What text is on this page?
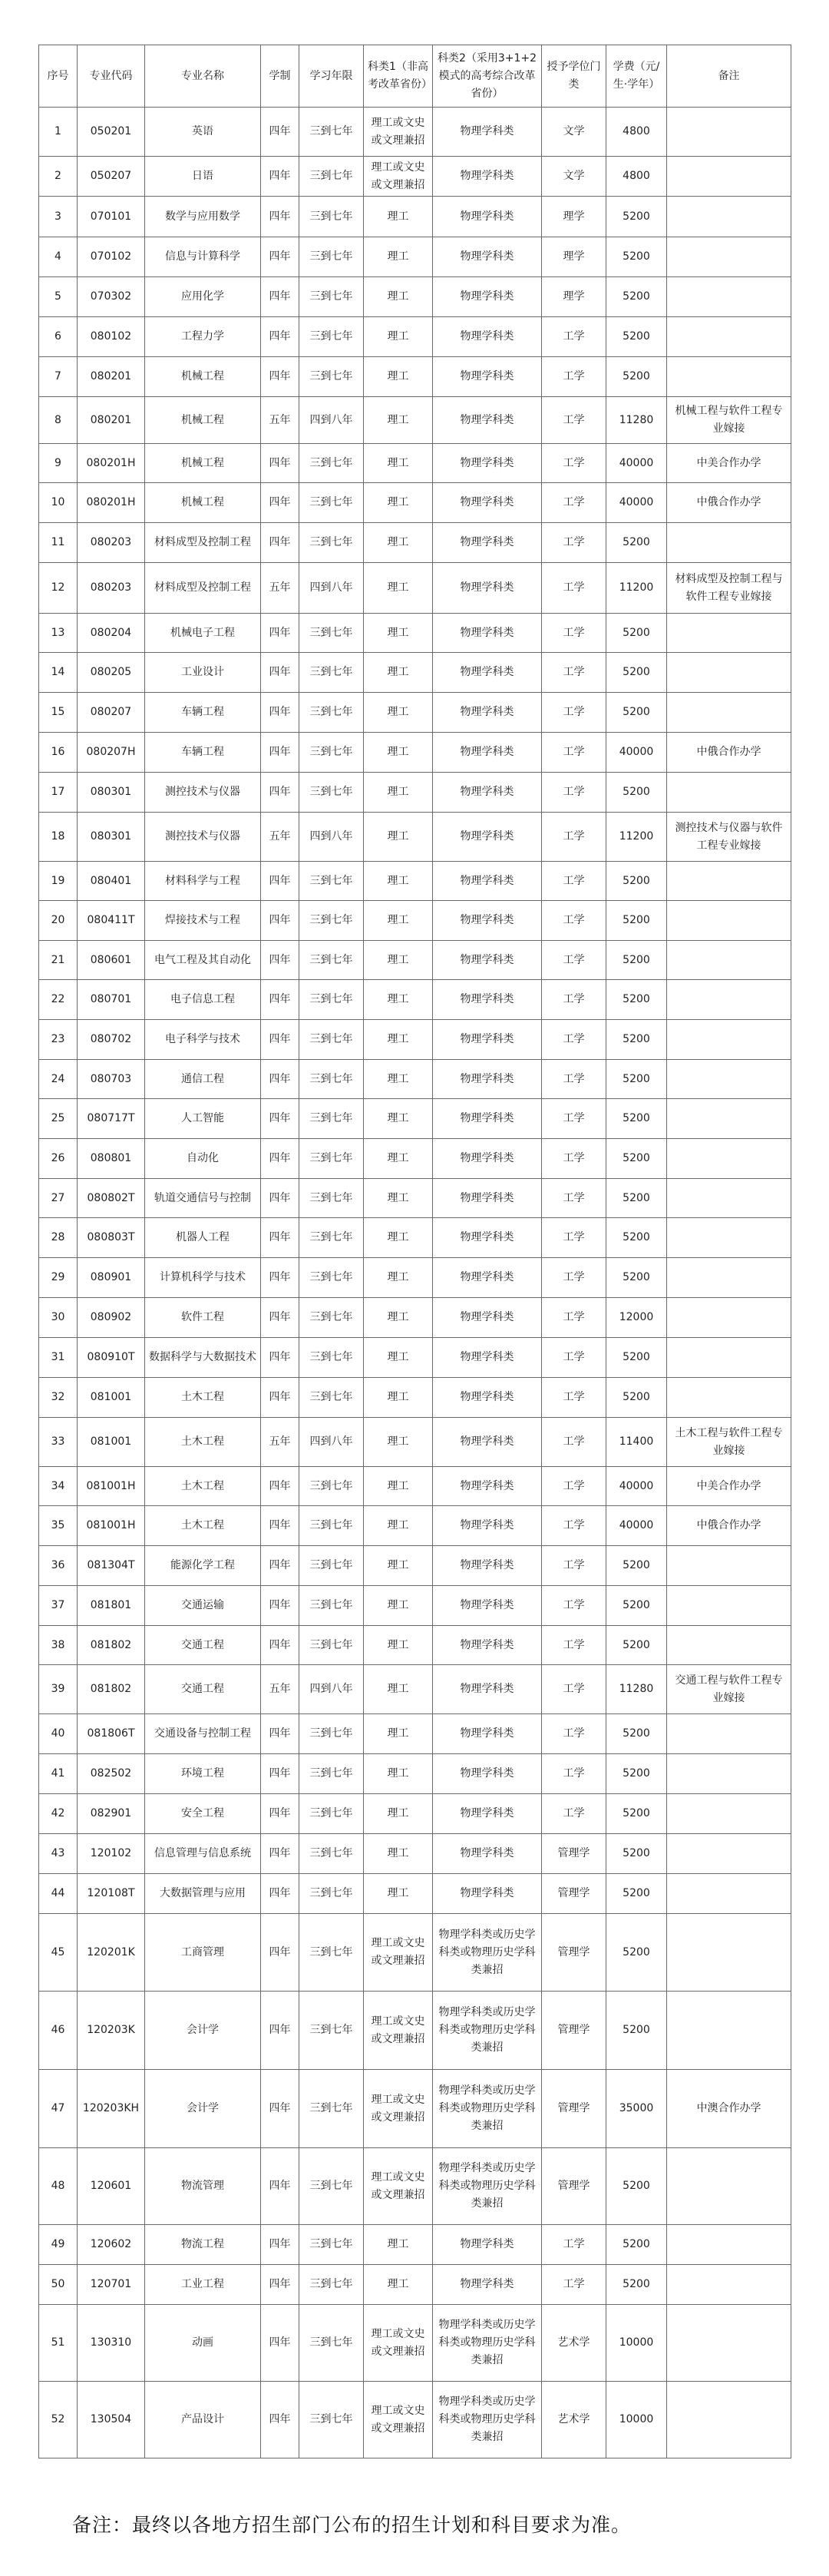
序号	专业代码	专业名称	学制	学习年限	科类1（非高考改革省份）	科类2（采用3+1+2模式的高考综合改革省份）	授予学位门类	学费（元/生·学年）	备注
1	050201	英语	四年	三到七年	理工或文史或文理兼招	物理学科类	文学	4800	
2	050207	日语	四年	三到七年	理工或文史或文理兼招	物理学科类	文学	4800	
3	070101	数学与应用数学	四年	三到七年	理工	物理学科类	理学	5200	
4	070102	信息与计算科学	四年	三到七年	理工	物理学科类	理学	5200	
5	070302	应用化学	四年	三到七年	理工	物理学科类	理学	5200	
6	080102	工程力学	四年	三到七年	理工	物理学科类	工学	5200	
7	080201	机械工程	四年	三到七年	理工	物理学科类	工学	5200	
8	080201	机械工程	五年	四到八年	理工	物理学科类	工学	11280	机械工程与软件工程专业嫁接
9	080201H	机械工程	四年	三到七年	理工	物理学科类	工学	40000	中美合作办学
10	080201H	机械工程	四年	三到七年	理工	物理学科类	工学	40000	中俄合作办学
11	080203	材料成型及控制工程	四年	三到七年	理工	物理学科类	工学	5200	
12	080203	材料成型及控制工程	五年	四到八年	理工	物理学科类	工学	11200	材料成型及控制工程与软件工程专业嫁接
13	080204	机械电子工程	四年	三到七年	理工	物理学科类	工学	5200	
14	080205	工业设计	四年	三到七年	理工	物理学科类	工学	5200	
15	080207	车辆工程	四年	三到七年	理工	物理学科类	工学	5200	
16	080207H	车辆工程	四年	三到七年	理工	物理学科类	工学	40000	中俄合作办学
17	080301	测控技术与仪器	四年	三到七年	理工	物理学科类	工学	5200	
18	080301	测控技术与仪器	五年	四到八年	理工	物理学科类	工学	11200	测控技术与仪器与软件工程专业嫁接
19	080401	材料科学与工程	四年	三到七年	理工	物理学科类	工学	5200	
20	080411T	焊接技术与工程	四年	三到七年	理工	物理学科类	工学	5200	
21	080601	电气工程及其自动化	四年	三到七年	理工	物理学科类	工学	5200	
22	080701	电子信息工程	四年	三到七年	理工	物理学科类	工学	5200	
23	080702	电子科学与技术	四年	三到七年	理工	物理学科类	工学	5200	
24	080703	通信工程	四年	三到七年	理工	物理学科类	工学	5200	
25	080717T	人工智能	四年	三到七年	理工	物理学科类	工学	5200	
26	080801	自动化	四年	三到七年	理工	物理学科类	工学	5200	
27	080802T	轨道交通信号与控制	四年	三到七年	理工	物理学科类	工学	5200	
28	080803T	机器人工程	四年	三到七年	理工	物理学科类	工学	5200	
29	080901	计算机科学与技术	四年	三到七年	理工	物理学科类	工学	5200	
30	080902	软件工程	四年	三到七年	理工	物理学科类	工学	12000	
31	080910T	数据科学与大数据技术	四年	三到七年	理工	物理学科类	工学	5200	
32	081001	土木工程	四年	三到七年	理工	物理学科类	工学	5200	
33	081001	土木工程	五年	四到八年	理工	物理学科类	工学	11400	土木工程与软件工程专业嫁接
34	081001H	土木工程	四年	三到七年	理工	物理学科类	工学	40000	中美合作办学
35	081001H	土木工程	四年	三到七年	理工	物理学科类	工学	40000	中俄合作办学
36	081304T	能源化学工程	四年	三到七年	理工	物理学科类	工学	5200	
37	081801	交通运输	四年	三到七年	理工	物理学科类	工学	5200	
38	081802	交通工程	四年	三到七年	理工	物理学科类	工学	5200	
39	081802	交通工程	五年	四到八年	理工	物理学科类	工学	11280	交通工程与软件工程专业嫁接
40	081806T	交通设备与控制工程	四年	三到七年	理工	物理学科类	工学	5200	
41	082502	环境工程	四年	三到七年	理工	物理学科类	工学	5200	
42	082901	安全工程	四年	三到七年	理工	物理学科类	工学	5200	
43	120102	信息管理与信息系统	四年	三到七年	理工	物理学科类	管理学	5200	
44	120108T	大数据管理与应用	四年	三到七年	理工	物理学科类	管理学	5200	
45	120201K	工商管理	四年	三到七年	理工或文史或文理兼招	物理学科类或历史学科类或物理历史学科类兼招	管理学	5200	
46	120203K	会计学	四年	三到七年	理工或文史或文理兼招	物理学科类或历史学科类或物理历史学科类兼招	管理学	5200	
47	120203KH	会计学	四年	三到七年	理工或文史或文理兼招	物理学科类或历史学科类或物理历史学科类兼招	管理学	35000	中澳合作办学
48	120601	物流管理	四年	三到七年	理工或文史或文理兼招	物理学科类或历史学科类或物理历史学科类兼招	管理学	5200	
49	120602	物流工程	四年	三到七年	理工	物理学科类	工学	5200	
50	120701	工业工程	四年	三到七年	理工	物理学科类	工学	5200	
51	130310	动画	四年	三到七年	理工或文史或文理兼招	物理学科类或历史学科类或物理历史学科类兼招	艺术学	10000	
52	130504	产品设计	四年	三到七年	理工或文史或文理兼招	物理学科类或历史学科类或物理历史学科类兼招	艺术学	10000	
备注：最终以各地方招生部门公布的招生计划和科目要求为准。
